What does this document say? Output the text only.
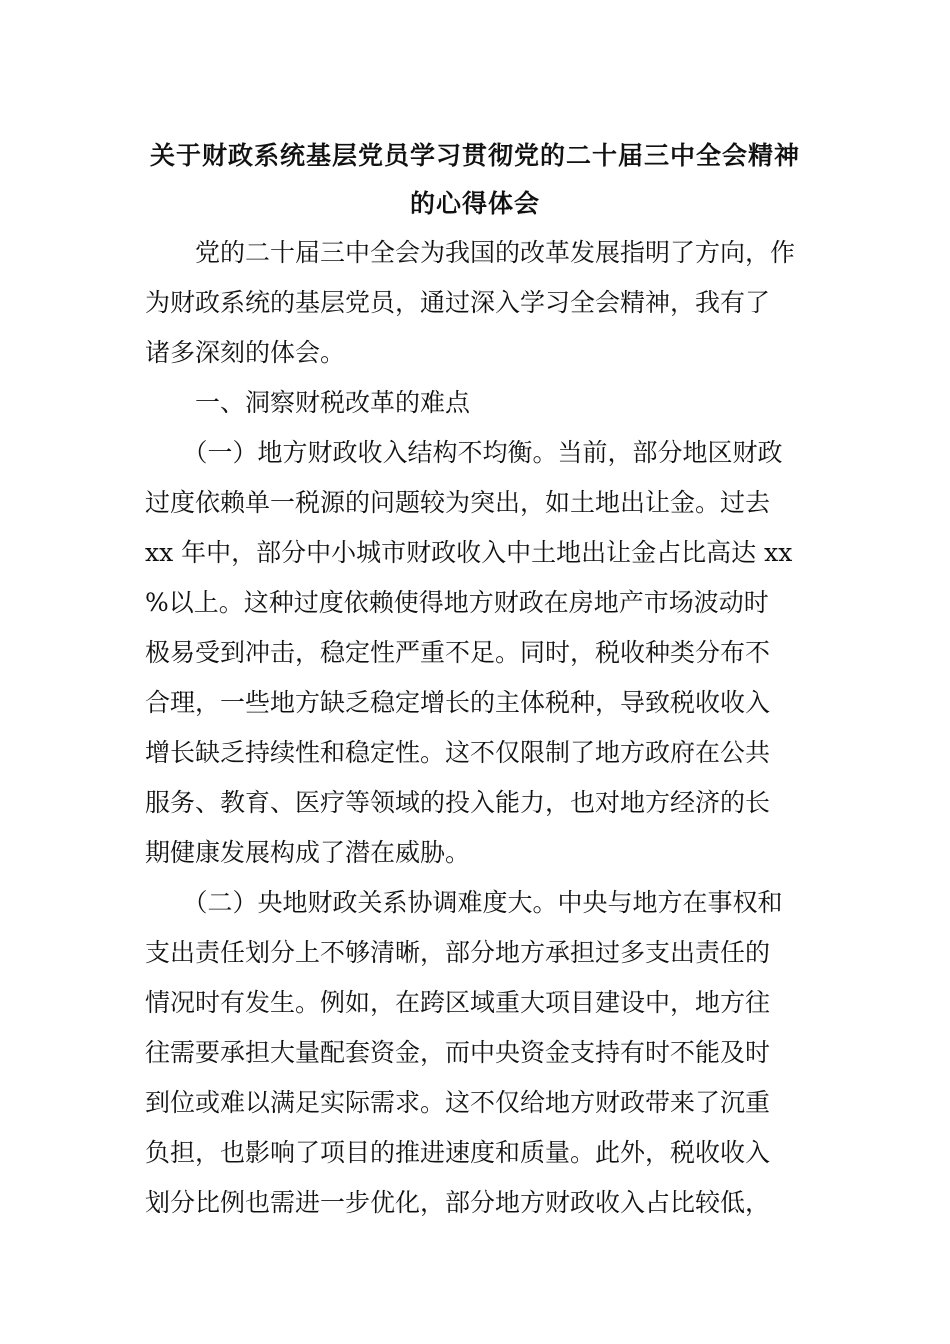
关于财政系统基层党员学习贯彻党的二十届三中全会精神
的心得体会

　　党的二十届三中全会为我国的改革发展指明了方向，作

为财政系统的基层党员，通过深入学习全会精神，我有了

诸多深刻的体会。

　　一、洞察财税改革的难点

　　（一）地方财政收入结构不均衡。当前，部分地区财政

过度依赖单一税源的问题较为突出，如土地出让金。过去

xx 年中，部分中小城市财政收入中土地出让金占比高达 xx

%以上。这种过度依赖使得地方财政在房地产市场波动时

极易受到冲击，稳定性严重不足。同时，税收种类分布不

合理，一些地方缺乏稳定增长的主体税种，导致税收收入

增长缺乏持续性和稳定性。这不仅限制了地方政府在公共

服务、教育、医疗等领域的投入能力，也对地方经济的长

期健康发展构成了潜在威胁。

　　（二）央地财政关系协调难度大。中央与地方在事权和

支出责任划分上不够清晰，部分地方承担过多支出责任的

情况时有发生。例如，在跨区域重大项目建设中，地方往

往需要承担大量配套资金，而中央资金支持有时不能及时

到位或难以满足实际需求。这不仅给地方财政带来了沉重

负担，也影响了项目的推进速度和质量。此外，税收收入

划分比例也需进一步优化，部分地方财政收入占比较低，
